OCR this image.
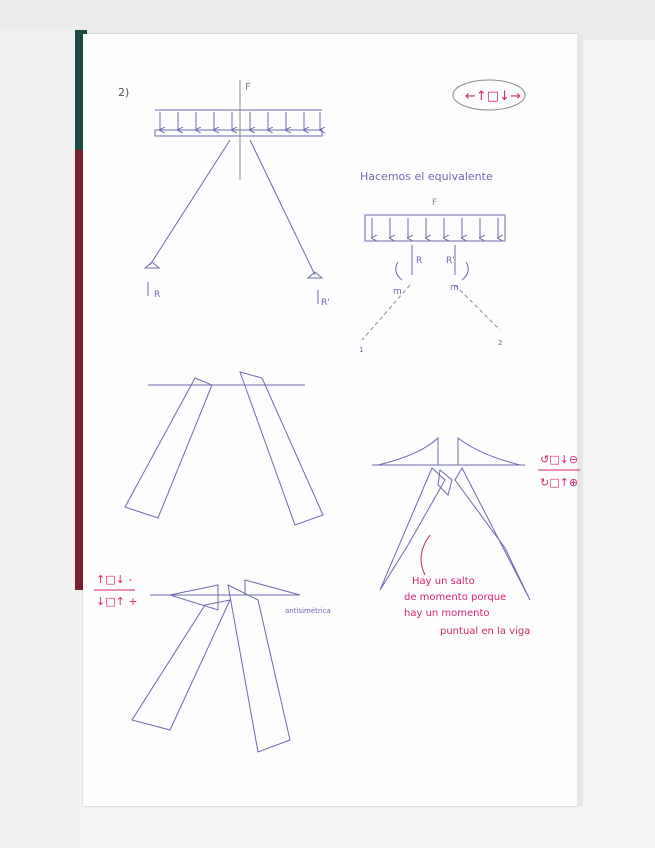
←↑□↓→
2)	F
R
R'
Hacemos el equivalente
F
R	R'
m	m
1
2
↺□↓⊖
↻□↑⊕
Hay un salto
de momento porque
hay un momento
puntual en la viga
↑□↓ -
↓□↑ +
antisimétrica
